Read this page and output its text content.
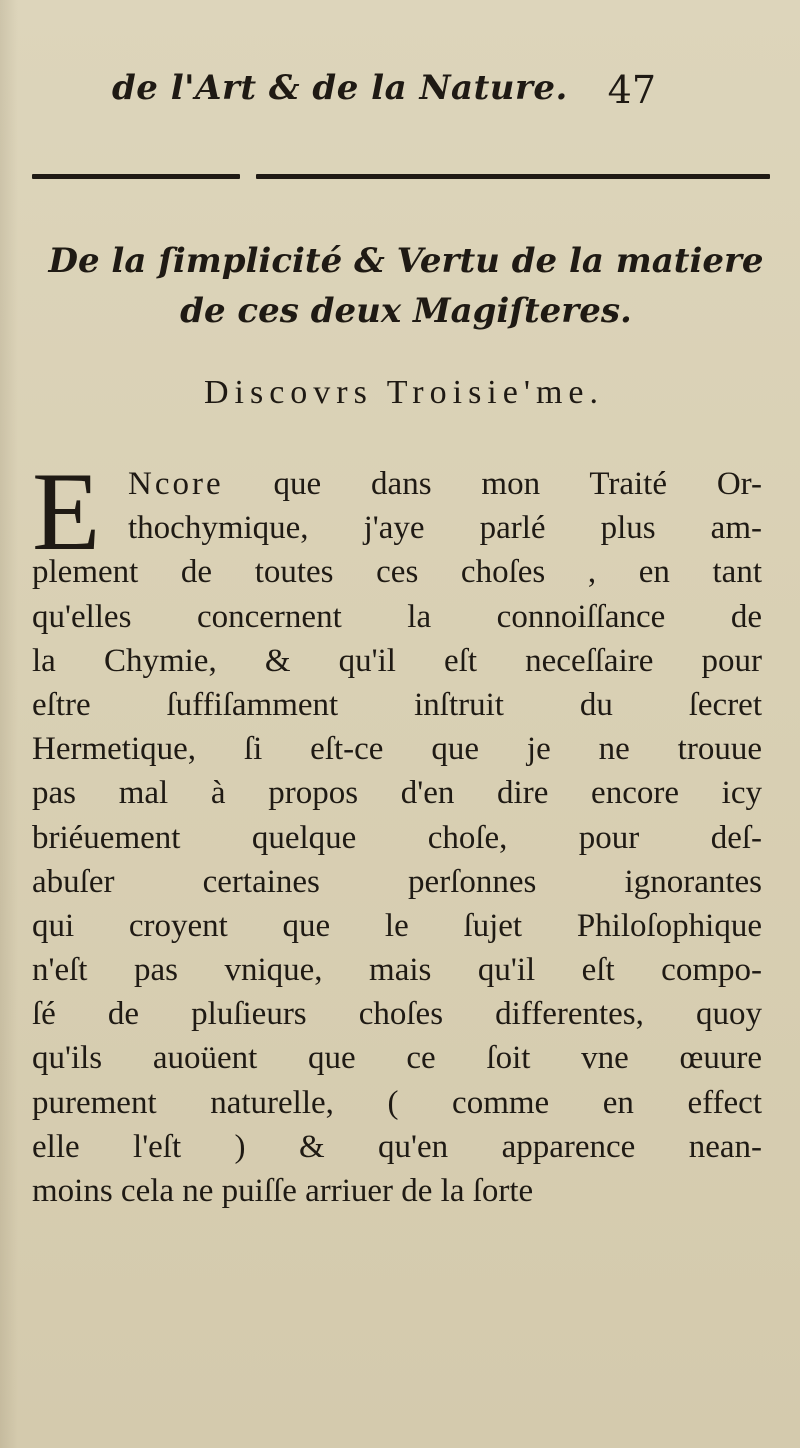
de l'Art & de la Nature. 47
De la ſimplicité & Vertu de la matiere
de ces deux Magiſteres.
Discovrs Troisie'me.
E Ncore que dans mon Traité Or-
thochymique, j'aye parlé plus am-
plement de toutes ces choſes , en tant
qu'elles concernent la connoiſſance de
la Chymie, & qu'il eſt neceſſaire pour
eſtre ſuffiſamment inſtruit du ſecret
Hermetique, ſi eſt-ce que je ne trouue
pas mal à propos d'en dire encore icy
briéuement quelque choſe, pour deſ-
abuſer certaines perſonnes ignorantes
qui croyent que le ſujet Philoſophique
n'eſt pas vnique, mais qu'il eſt compo-
ſé de pluſieurs choſes differentes, quoy
qu'ils auoüent que ce ſoit vne œuure
purement naturelle, ( comme en effect
elle l'eſt ) & qu'en apparence nean-
moins cela ne puiſſe arriuer de la ſorte
